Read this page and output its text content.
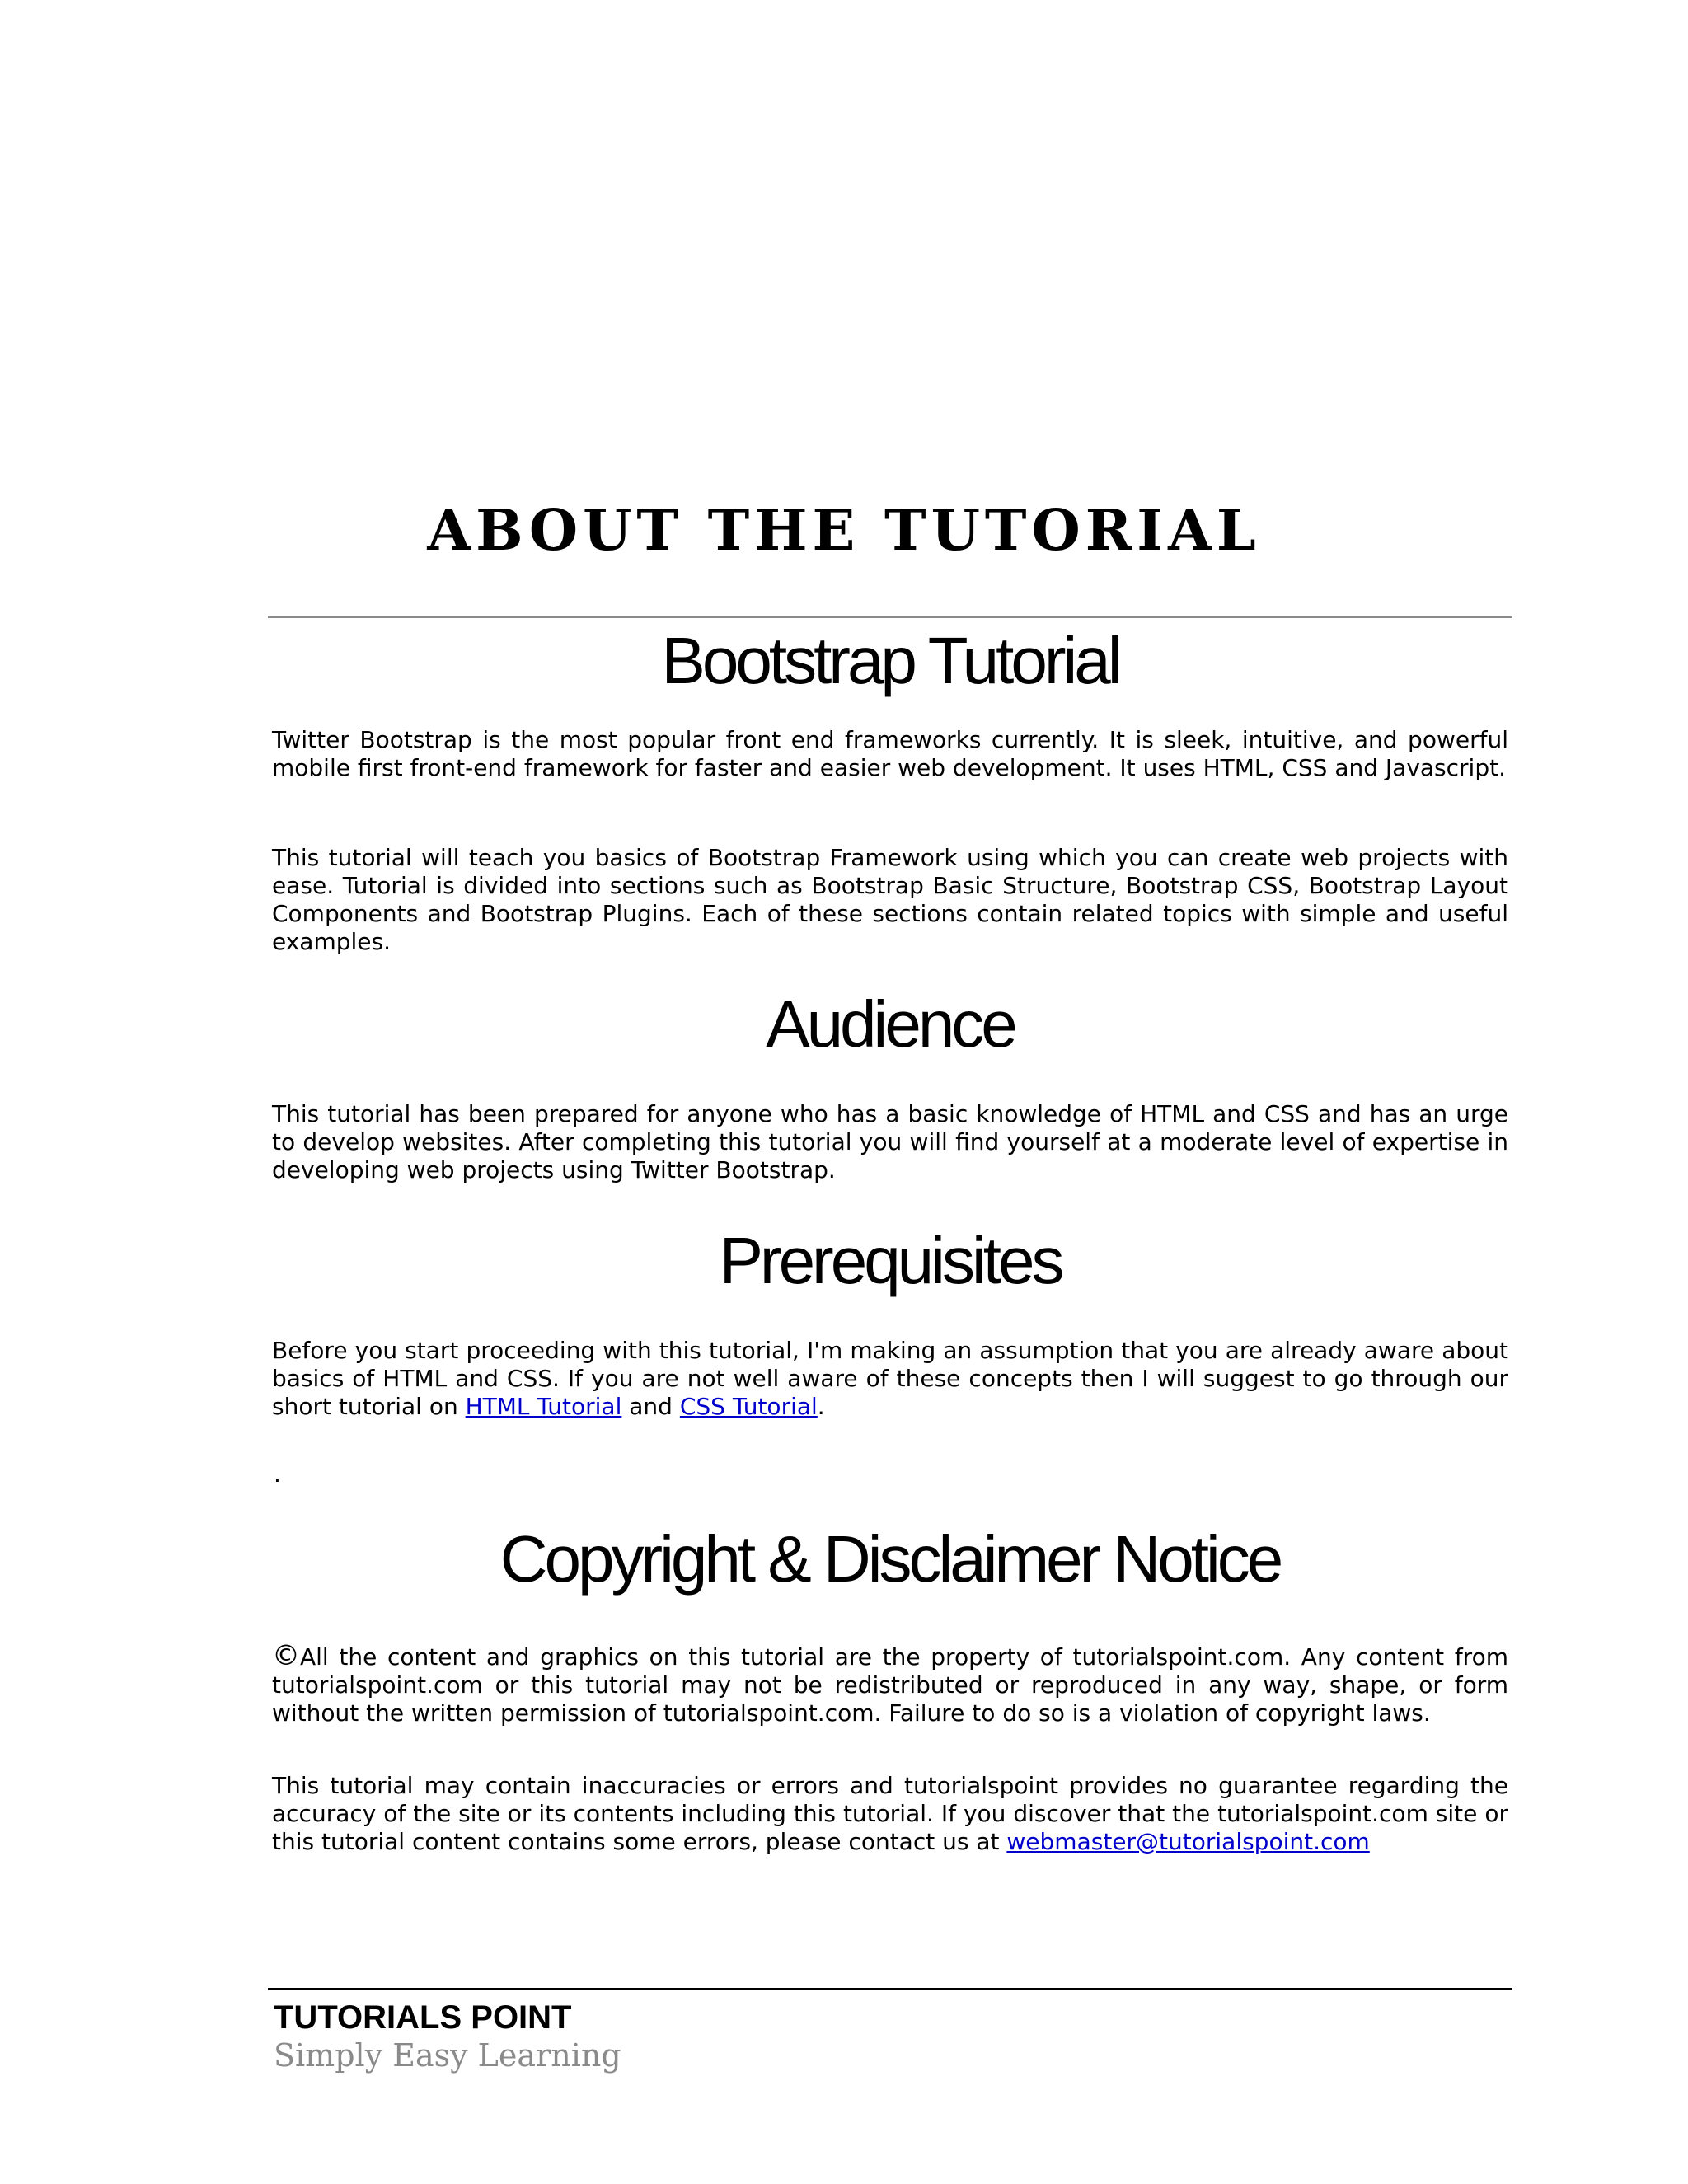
ABOUT THE TUTORIAL
Bootstrap Tutorial

Twitter Bootstrap is the most popular front end frameworks currently. It is sleek, intuitive, and powerful mobile first front-end framework for faster and easier web development. It uses HTML, CSS and Javascript.

This tutorial will teach you basics of Bootstrap Framework using which you can create web projects with ease. Tutorial is divided into sections such as Bootstrap Basic Structure, Bootstrap CSS, Bootstrap Layout Components and Bootstrap Plugins. Each of these sections contain related topics with simple and useful examples.

Audience

This tutorial has been prepared for anyone who has a basic knowledge of HTML and CSS and has an urge to develop websites. After completing this tutorial you will find yourself at a moderate level of expertise in developing web projects using Twitter Bootstrap.

Prerequisites

Before you start proceeding with this tutorial, I'm making an assumption that you are already aware about basics of HTML and CSS. If you are not well aware of these concepts then I will suggest to go through our short tutorial on HTML Tutorial and CSS Tutorial.

.

Copyright & Disclaimer Notice

©All the content and graphics on this tutorial are the property of tutorialspoint.com. Any content from tutorialspoint.com or this tutorial may not be redistributed or reproduced in any way, shape, or form without the written permission of tutorialspoint.com. Failure to do so is a violation of copyright laws.

This tutorial may contain inaccuracies or errors and tutorialspoint provides no guarantee regarding the accuracy of the site or its contents including this tutorial. If you discover that the tutorialspoint.com site or this tutorial content contains some errors, please contact us at webmaster@tutorialspoint.com

TUTORIALS POINT

Simply Easy Learning
